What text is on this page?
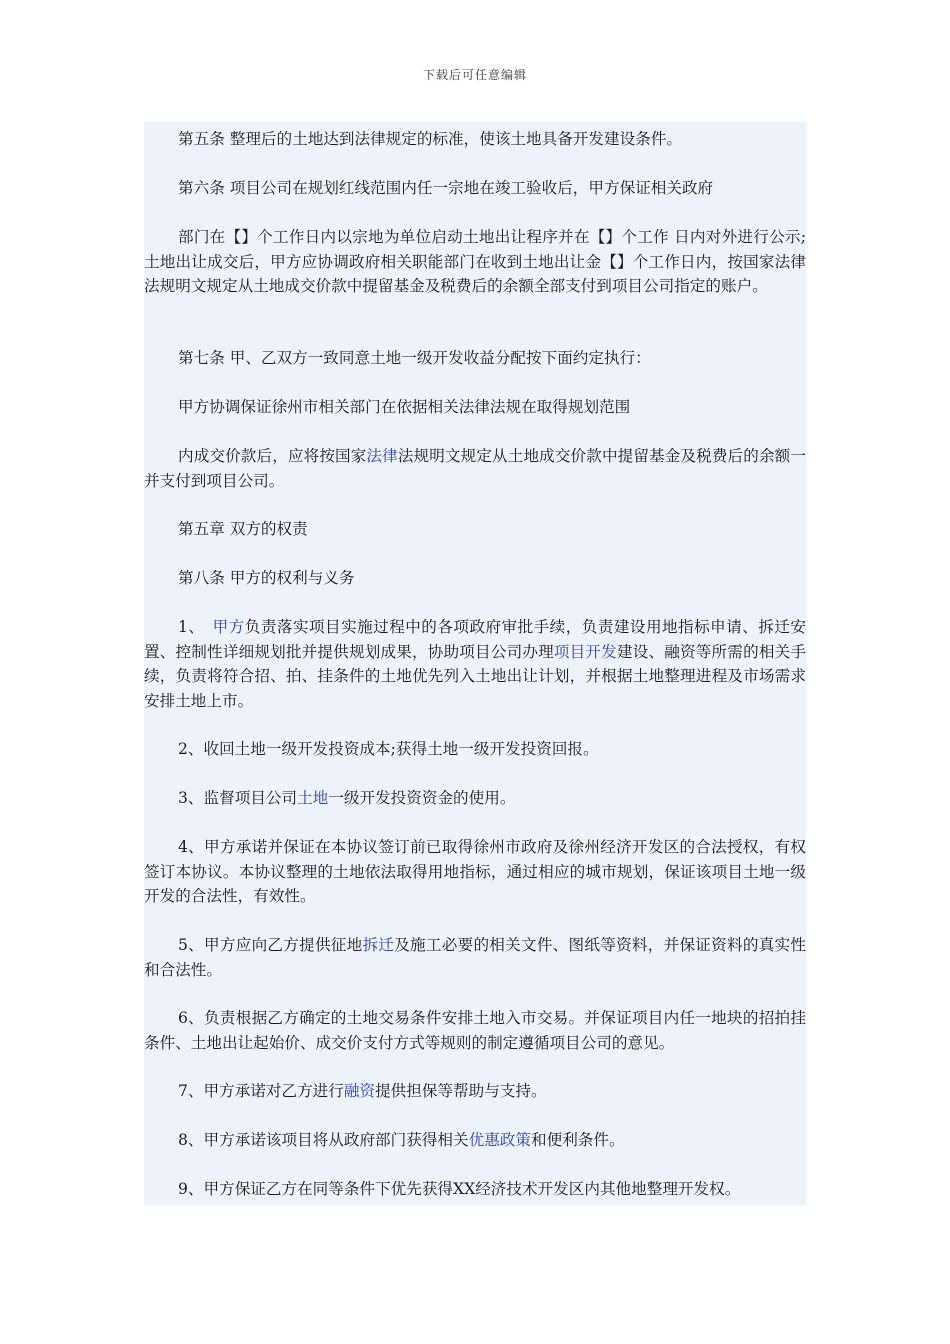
下载后可任意编辑

第五条 整理后的土地达到法律规定的标准，使该土地具备开发建设条件。

第六条 项目公司在规划红线范围内任一宗地在竣工验收后，甲方保证相关政府

部门在【】个工作日内以宗地为单位启动土地出让程序并在【】个工作 日内对外进行公示;土地出让成交后，甲方应协调政府相关职能部门在收到土地出让金【】个工作日内，按国家法律法规明文规定从土地成交价款中提留基金及税费后的余额全部支付到项目公司指定的账户。

第七条 甲、乙双方一致同意土地一级开发收益分配按下面约定执行：

甲方协调保证徐州市相关部门在依据相关法律法规在取得规划范围

内成交价款后，应将按国家法律法规明文规定从土地成交价款中提留基金及税费后的余额一并支付到项目公司。

第五章 双方的权责

第八条 甲方的权利与义务

1、　甲方负责落实项目实施过程中的各项政府审批手续，负责建设用地指标申请、拆迁安置、控制性详细规划批并提供规划成果，协助项目公司办理项目开发建设、融资等所需的相关手续，负责将符合招、拍、挂条件的土地优先列入土地出让计划，并根据土地整理进程及市场需求安排土地上市。

2、收回土地一级开发投资成本;获得土地一级开发投资回报。

3、监督项目公司土地一级开发投资资金的使用。

4、甲方承诺并保证在本协议签订前已取得徐州市政府及徐州经济开发区的合法授权，有权签订本协议。本协议整理的土地依法取得用地指标，通过相应的城市规划，保证该项目土地一级开发的合法性，有效性。

5、甲方应向乙方提供征地拆迁及施工必要的相关文件、图纸等资料，并保证资料的真实性和合法性。

6、负责根据乙方确定的土地交易条件安排土地入市交易。并保证项目内任一地块的招拍挂条件、土地出让起始价、成交价支付方式等规则的制定遵循项目公司的意见。

7、甲方承诺对乙方进行融资提供担保等帮助与支持。

8、甲方承诺该项目将从政府部门获得相关优惠政策和便利条件。

9、甲方保证乙方在同等条件下优先获得XX经济技术开发区内其他地整理开发权。
